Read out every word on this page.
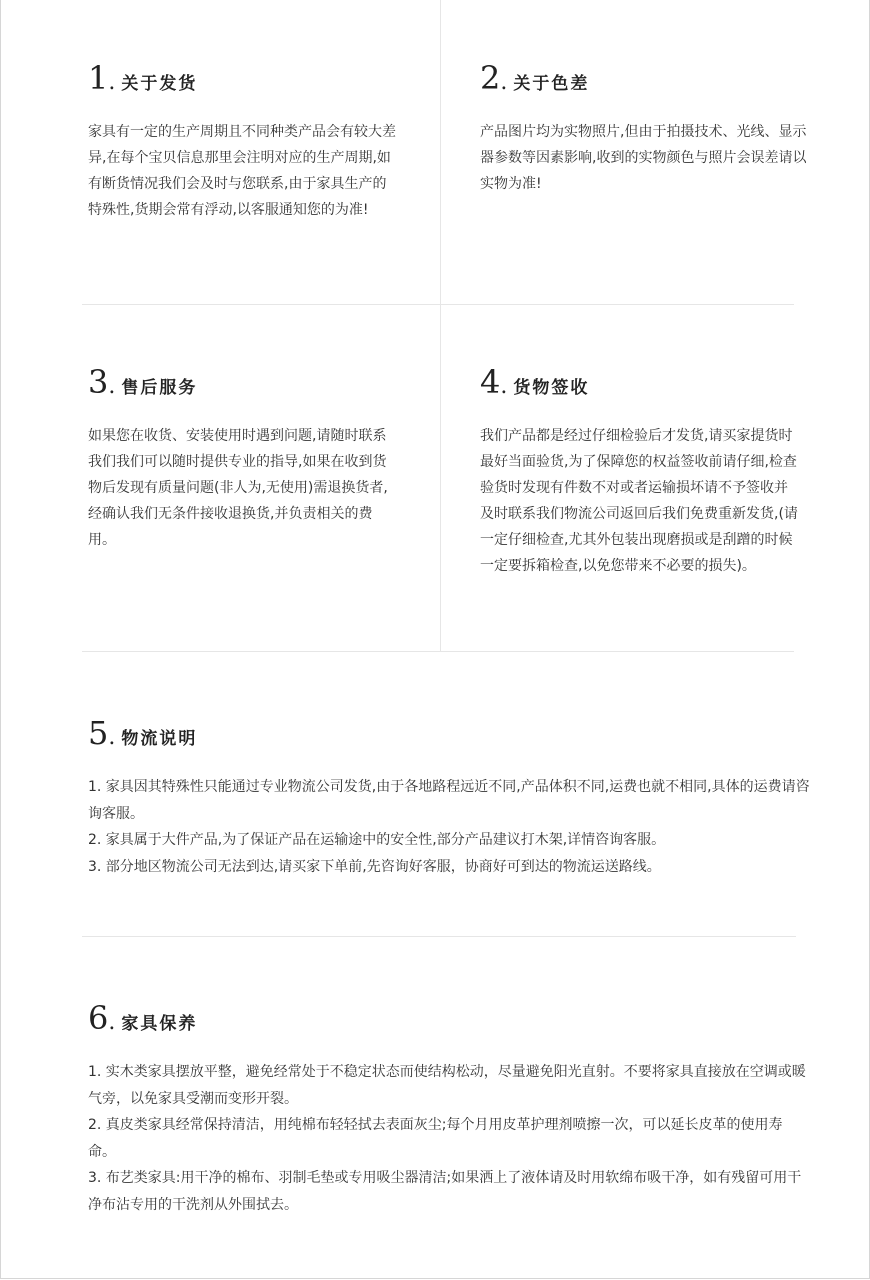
1 . 关于发货

家具有一定的生产周期且不同种类产品会有较大差异,在每个宝贝信息那里会注明对应的生产周期,如有断货情况我们会及时与您联系,由于家具生产的特殊性,货期会常有浮动,以客服通知您的为准!

2 . 关于色差

产品图片均为实物照片,但由于拍摄技术、光线、显示器参数等因素影响,收到的实物颜色与照片会误差请以实物为准!

3 . 售后服务

如果您在收货、安装使用时遇到问题,请随时联系我们我们可以随时提供专业的指导,如果在收到货物后发现有质量问题(非人为,无使用)需退换货者,经确认我们无条件接收退换货,并负责相关的费用。

4 . 货物签收

我们产品都是经过仔细检验后才发货,请买家提货时最好当面验货,为了保障您的权益签收前请仔细,检查验货时发现有件数不对或者运输损坏请不予签收并及时联系我们物流公司返回后我们免费重新发货,(请一定仔细检查,尤其外包装出现磨损或是刮蹭的时候一定要拆箱检查,以免您带来不必要的损失)。

5 . 物流说明
1. 家具因其特殊性只能通过专业物流公司发货,由于各地路程远近不同,产品体积不同,运费也就不相同,具体的运费请咨询客服。
2. 家具属于大件产品,为了保证产品在运输途中的安全性,部分产品建议打木架,详情咨询客服。
3. 部分地区物流公司无法到达,请买家下单前,先咨询好客服，协商好可到达的物流运送路线。
6 . 家具保养
1. 实木类家具摆放平整，避免经常处于不稳定状态而使结构松动，尽量避免阳光直射。不要将家具直接放在空调或暖气旁，以免家具受潮而变形开裂。
2. 真皮类家具经常保持清洁，用纯棉布轻轻拭去表面灰尘;每个月用皮革护理剂喷擦一次，可以延长皮革的使用寿命。
3. 布艺类家具:用干净的棉布、羽制毛垫或专用吸尘器清洁;如果洒上了液体请及时用软绵布吸干净，如有残留可用干净布沾专用的干洗剂从外围拭去。
